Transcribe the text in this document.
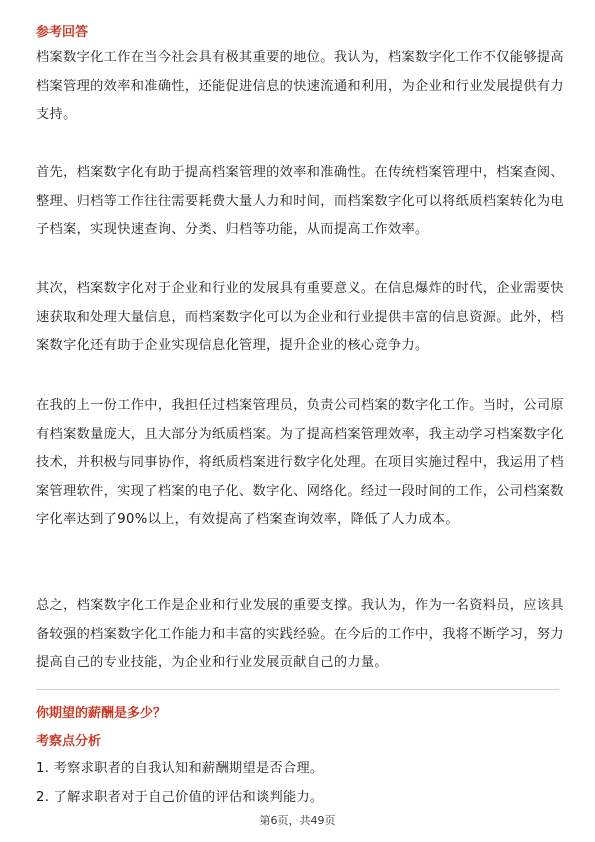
参考回答

档案数字化工作在当今社会具有极其重要的地位。我认为，档案数字化工作不仅能够提高档案管理的效率和准确性，还能促进信息的快速流通和利用，为企业和行业发展提供有力支持。

首先，档案数字化有助于提高档案管理的效率和准确性。在传统档案管理中，档案查阅、整理、归档等工作往往需要耗费大量人力和时间，而档案数字化可以将纸质档案转化为电子档案，实现快速查询、分类、归档等功能，从而提高工作效率。

其次，档案数字化对于企业和行业的发展具有重要意义。在信息爆炸的时代，企业需要快速获取和处理大量信息，而档案数字化可以为企业和行业提供丰富的信息资源。此外，档案数字化还有助于企业实现信息化管理，提升企业的核心竞争力。

在我的上一份工作中，我担任过档案管理员，负责公司档案的数字化工作。当时，公司原有档案数量庞大，且大部分为纸质档案。为了提高档案管理效率，我主动学习档案数字化技术，并积极与同事协作，将纸质档案进行数字化处理。在项目实施过程中，我运用了档案管理软件，实现了档案的电子化、数字化、网络化。经过一段时间的工作，公司档案数字化率达到了90%以上，有效提高了档案查询效率，降低了人力成本。

总之，档案数字化工作是企业和行业发展的重要支撑。我认为，作为一名资料员，应该具备较强的档案数字化工作能力和丰富的实践经验。在今后的工作中，我将不断学习，努力提高自己的专业技能，为企业和行业发展贡献自己的力量。

你期望的薪酬是多少？
考察点分析

1. 考察求职者的自我认知和薪酬期望是否合理。

2. 了解求职者对于自己价值的评估和谈判能力。

第6页，共49页
